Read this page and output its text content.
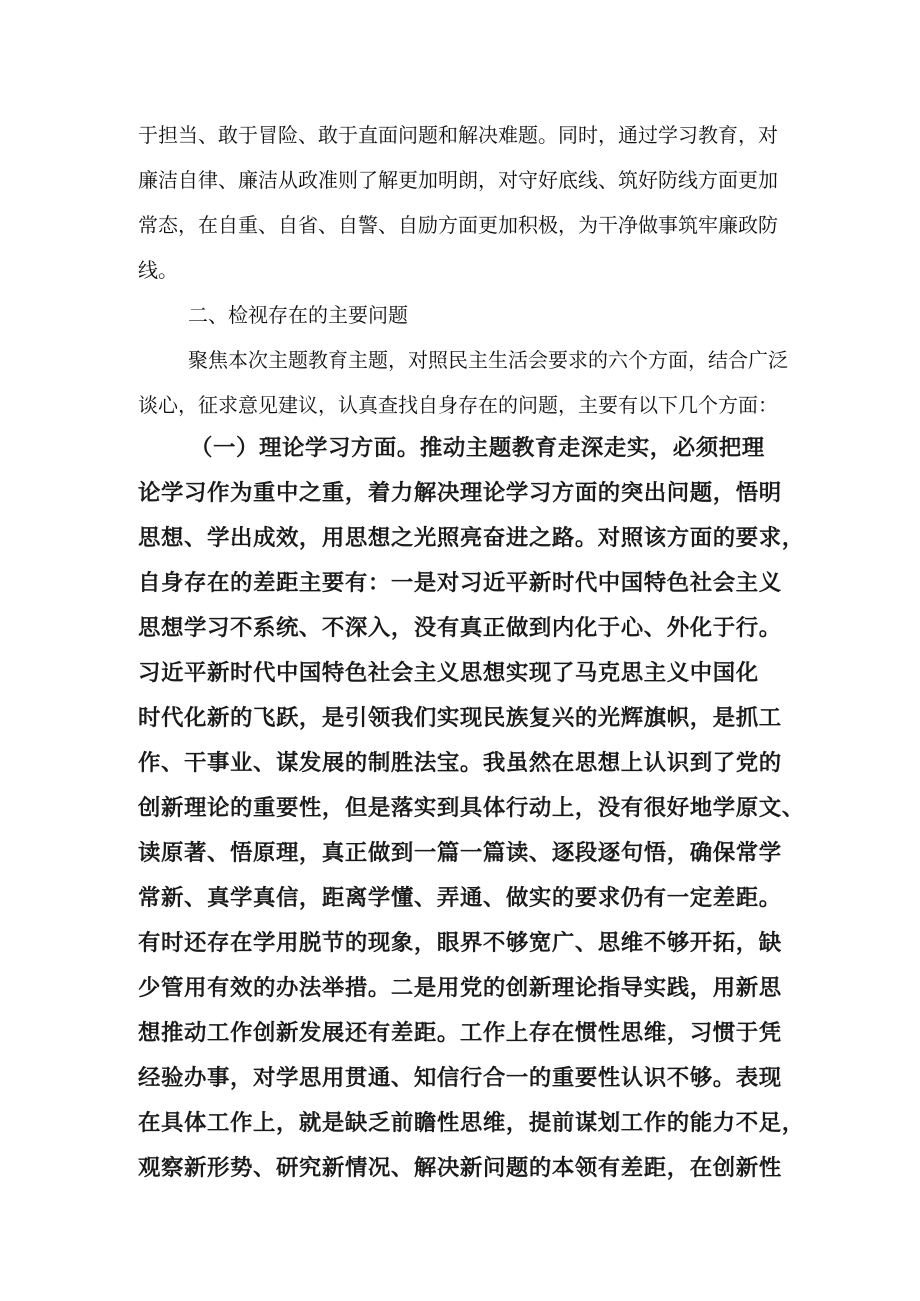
于担当、敢于冒险、敢于直面问题和解决难题。同时，通过学习教育，对
廉洁自律、廉洁从政准则了解更加明朗，对守好底线、筑好防线方面更加
常态，在自重、自省、自警、自励方面更加积极，为干净做事筑牢廉政防
线。
二、检视存在的主要问题
聚焦本次主题教育主题，对照民主生活会要求的六个方面，结合广泛
谈心，征求意见建议，认真查找自身存在的问题，主要有以下几个方面：
（一）理论学习方面。推动主题教育走深走实，必须把理
论学习作为重中之重，着力解决理论学习方面的突出问题，悟明
思想、学出成效，用思想之光照亮奋进之路。对照该方面的要求，
自身存在的差距主要有：一是对习近平新时代中国特色社会主义
思想学习不系统、不深入，没有真正做到内化于心、外化于行。
习近平新时代中国特色社会主义思想实现了马克思主义中国化
时代化新的飞跃，是引领我们实现民族复兴的光辉旗帜，是抓工
作、干事业、谋发展的制胜法宝。我虽然在思想上认识到了党的
创新理论的重要性，但是落实到具体行动上，没有很好地学原文、
读原著、悟原理，真正做到一篇一篇读、逐段逐句悟，确保常学
常新、真学真信，距离学懂、弄通、做实的要求仍有一定差距。
有时还存在学用脱节的现象，眼界不够宽广、思维不够开拓，缺
少管用有效的办法举措。二是用党的创新理论指导实践，用新思
想推动工作创新发展还有差距。工作上存在惯性思维，习惯于凭
经验办事，对学思用贯通、知信行合一的重要性认识不够。表现
在具体工作上，就是缺乏前瞻性思维，提前谋划工作的能力不足，
观察新形势、研究新情况、解决新问题的本领有差距，在创新性
